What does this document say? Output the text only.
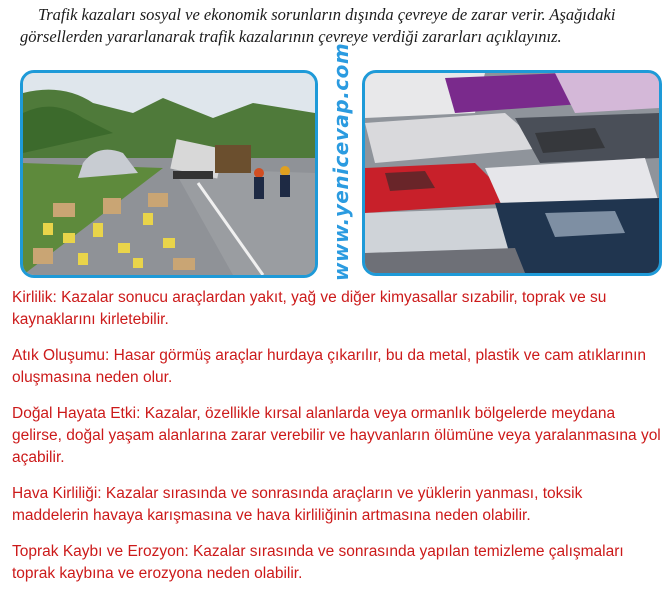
Trafik kazaları sosyal ve ekonomik sorunların dışında çevreye de zarar verir. Aşağıdaki görsellerden yararlanarak trafik kazalarının çevreye verdiği zararları açıklayınız.

www.yenicevap.com

Kirlilik: Kazalar sonucu araçlardan yakıt, yağ ve diğer kimyasallar sızabilir, toprak ve su kaynaklarını kirletebilir.

Atık Oluşumu: Hasar görmüş araçlar hurdaya çıkarılır, bu da metal, plastik ve cam atıklarının oluşmasına neden olur.

Doğal Hayata Etki: Kazalar, özellikle kırsal alanlarda veya ormanlık bölgelerde meydana gelirse, doğal yaşam alanlarına zarar verebilir ve hayvanların ölümüne veya yaralanmasına yol açabilir.

Hava Kirliliği: Kazalar sırasında ve sonrasında araçların ve yüklerin yanması, toksik maddelerin havaya karışmasına ve hava kirliliğinin artmasına neden olabilir.

Toprak Kaybı ve Erozyon: Kazalar sırasında ve sonrasında yapılan temizleme çalışmaları toprak kaybına ve erozyona neden olabilir.
